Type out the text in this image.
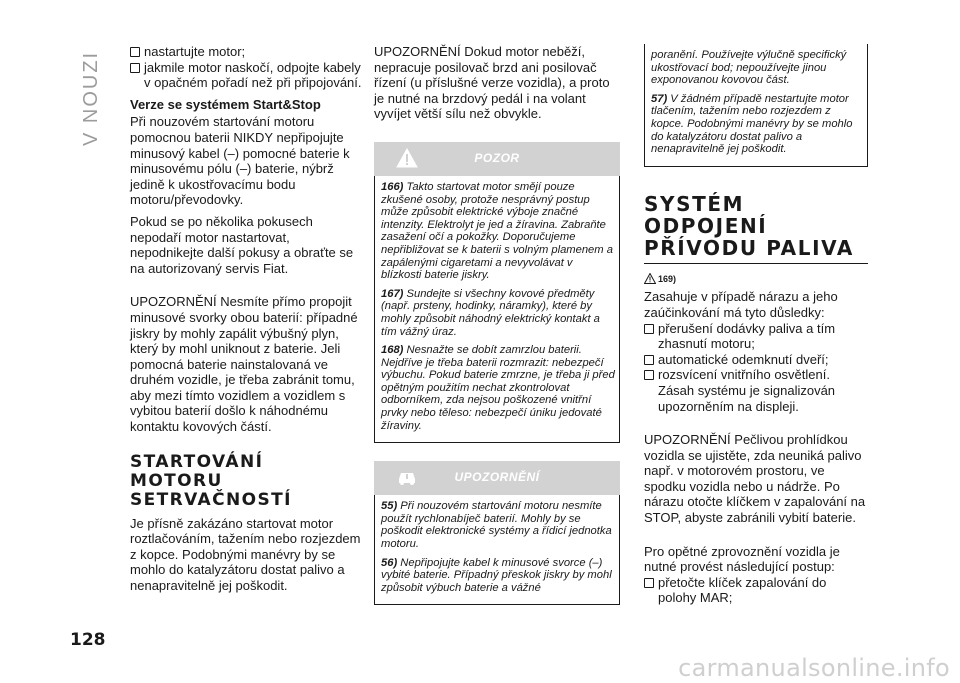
V NOUZI	nastartujte motor;
jakmile motor naskočí, odpojte kabely v opačném pořadí než při připojování.
Verze se systémem Start&Stop

Při nouzovém startování motoru pomocnou baterii NIKDY nepřipojujte minusový kabel (–) pomocné baterie k minusovému pólu (–) baterie, nýbrž jedině k ukostřovacímu bodu motoru/převodovky.

Pokud se po několika pokusech nepodaří motor nastartovat, nepodnikejte další pokusy a obraťte se na autorizovaný servis Fiat.

UPOZORNĚNÍ Nesmíte přímo propojit minusové svorky obou baterií: případné jiskry by mohly zapálit výbušný plyn, který by mohl uniknout z baterie. Jeli pomocná baterie nainstalovaná ve druhém vozidle, je třeba zabránit tomu, aby mezi tímto vozidlem a vozidlem s vybitou baterií došlo k náhodnému kontaktu kovových částí.

STARTOVÁNÍ MOTORU
SETRVAČNOSTÍ

Je přísně zakázáno startovat motor roztlačováním, tažením nebo rozjezdem z kopce. Podobnými manévry by se mohlo do katalyzátoru dostat palivo a nenapravitelně jej poškodit.

UPOZORNĚNÍ Dokud motor neběží, nepracuje posilovač brzd ani posilovač řízení (u příslušné verze vozidla), a proto je nutné na brzdový pedál i na volant vyvíjet větší sílu než obvykle.

POZOR

166) Takto startovat motor smějí pouze zkušené osoby, protože nesprávný postup může způsobit elektrické výboje značné intenzity. Elektrolyt je jed a žíravina. Zabraňte zasažení očí a pokožky. Doporučujeme nepřibližovat se k baterii s volným plamenem a zapálenými cigaretami a nevyvolávat v blízkosti baterie jiskry.

167) Sundejte si všechny kovové předměty (např. prsteny, hodinky, náramky), které by mohly způsobit náhodný elektrický kontakt a tím vážný úraz.

168) Nesnažte se dobít zamrzlou baterii. Nejdříve je třeba baterii rozmrazit: nebezpečí výbuchu. Pokud baterie zmrzne, je třeba ji před opětným použitím nechat zkontrolovat odborníkem, zda nejsou poškozené vnitřní prvky nebo těleso: nebezpečí úniku jedovaté žíraviny.

UPOZORNĚNÍ

55) Při nouzovém startování motoru nesmíte použít rychlonabíječ baterií. Mohly by se poškodit elektronické systémy a řídicí jednotka motoru.

56) Nepřipojujte kabel k minusové svorce (–) vybité baterie. Případný přeskok jiskry by mohl způsobit výbuch baterie a vážné

poranění. Používejte výlučně specifický ukostřovací bod; nepoužívejte jinou exponovanou kovovou část.

57) V žádném případě nestartujte motor tlačením, tažením nebo rozjezdem z kopce. Podobnými manévry by se mohlo do katalyzátoru dostat palivo a nenapravitelně jej poškodit.

SYSTÉM ODPOJENÍ
PŘÍVODU PALIVA
169)

Zasahuje v případě nárazu a jeho zaúčinkování má tyto důsledky:

přerušení dodávky paliva a tím zhasnutí motoru;
automatické odemknutí dveří;
rozsvícení vnitřního osvětlení. Zásah systému je signalizován upozorněním na displeji.

UPOZORNĚNÍ Pečlivou prohlídkou vozidla se ujistěte, zda neuniká palivo např. v motorovém prostoru, ve spodku vozidla nebo u nádrže. Po nárazu otočte klíčkem v zapalování na STOP, abyste zabránili vybití baterie.

Pro opětné zprovoznění vozidla je nutné provést následující postup:

přetočte klíček zapalování do polohy MAR;
128
carmanualsonline.info
